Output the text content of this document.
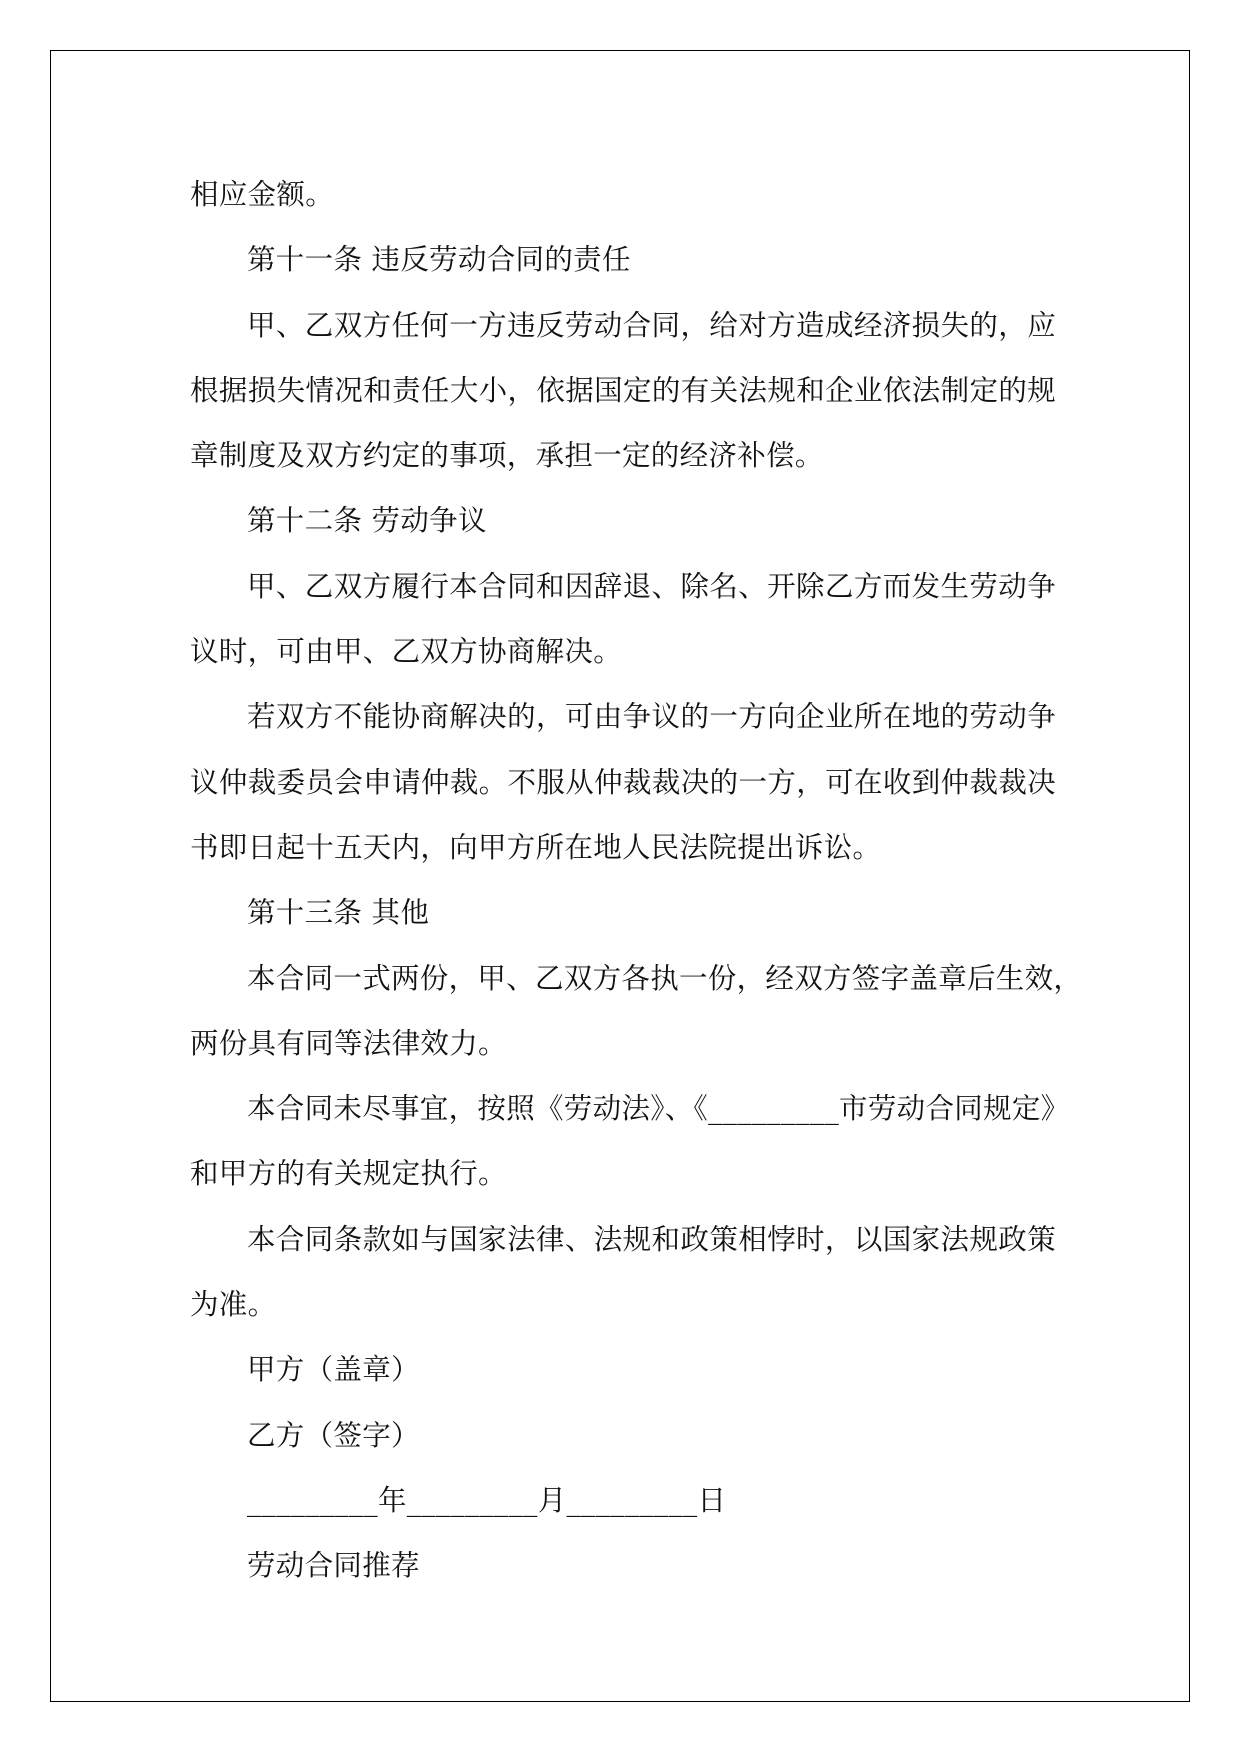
相应金额。
第十一条 违反劳动合同的责任
甲、乙双方任何一方违反劳动合同，给对方造成经济损失的，应
根据损失情况和责任大小，依据国定的有关法规和企业依法制定的规
章制度及双方约定的事项，承担一定的经济补偿。
第十二条 劳动争议
甲、乙双方履行本合同和因辞退、除名、开除乙方而发生劳动争
议时，可由甲、乙双方协商解决。
若双方不能协商解决的，可由争议的一方向企业所在地的劳动争
议仲裁委员会申请仲裁。不服从仲裁裁决的一方，可在收到仲裁裁决
书即日起十五天内，向甲方所在地人民法院提出诉讼。
第十三条 其他
本合同一式两份，甲、乙双方各执一份，经双方签字盖章后生效，
两份具有同等法律效力。
本合同未尽事宜，按照《劳动法》、《_________市劳动合同规定》
和甲方的有关规定执行。
本合同条款如与国家法律、法规和政策相悖时，以国家法规政策
为准。
甲方（盖章）
乙方（签字）
_________年_________月_________日
劳动合同推荐
